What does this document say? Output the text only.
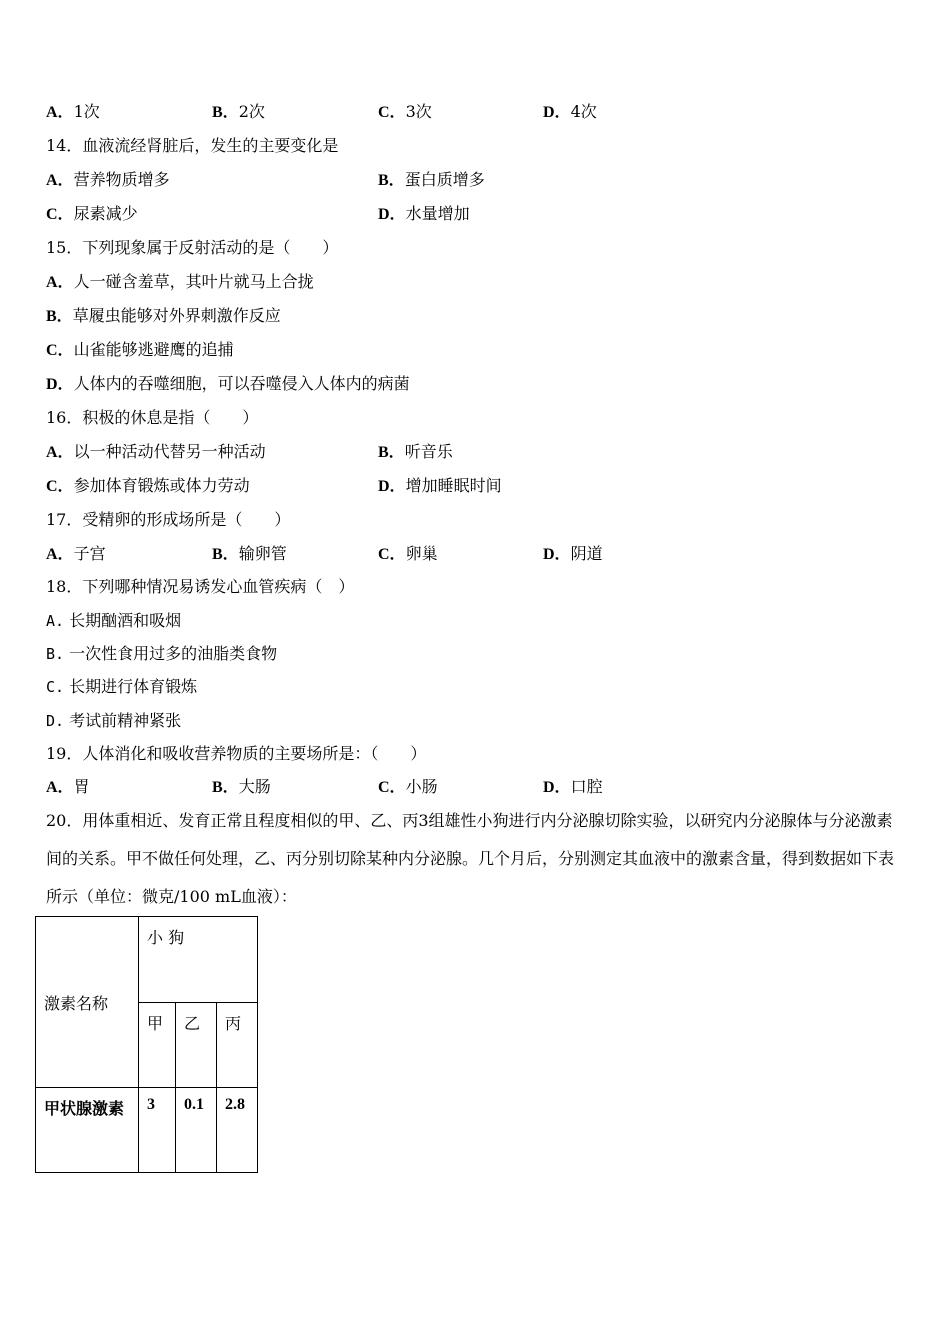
A．1次	B．2次	C．3次	D．4次
14．血液流经肾脏后，发生的主要变化是
A．营养物质增多	B．蛋白质增多
C．尿素减少	D．水量增加
15．下列现象属于反射活动的是（　　）
A．人一碰含羞草，其叶片就马上合拢
B．草履虫能够对外界刺激作反应
C．山雀能够逃避鹰的追捕
D．人体内的吞噬细胞，可以吞噬侵入人体内的病菌
16．积极的休息是指（　　）
A．以一种活动代替另一种活动	B．听音乐
C．参加体育锻炼或体力劳动	D．增加睡眠时间
17．受精卵的形成场所是（　　）
A．子宫	B．输卵管	C．卵巢	D．阴道
18．下列哪种情况易诱发心血管疾病（　）
A. 长期酗酒和吸烟
B. 一次性食用过多的油脂类食物
C. 长期进行体育锻炼
D. 考试前精神紧张
19．人体消化和吸收营养物质的主要场所是：（　　）
A．胃	B．大肠	C．小肠	D．口腔
20．用体重相近、发育正常且程度相似的甲、乙、丙3组雄性小狗进行内分泌腺切除实验，以研究内分泌腺体与分泌激素间的关系。甲不做任何处理，乙、丙分别切除某种内分泌腺。几个月后，分别测定其血液中的激素含量，得到数据如下表所示（单位：微克/100 mL血液）：
激素名称	小 狗		
	甲	乙	丙
甲状腺激素	3	0.1	2.8
